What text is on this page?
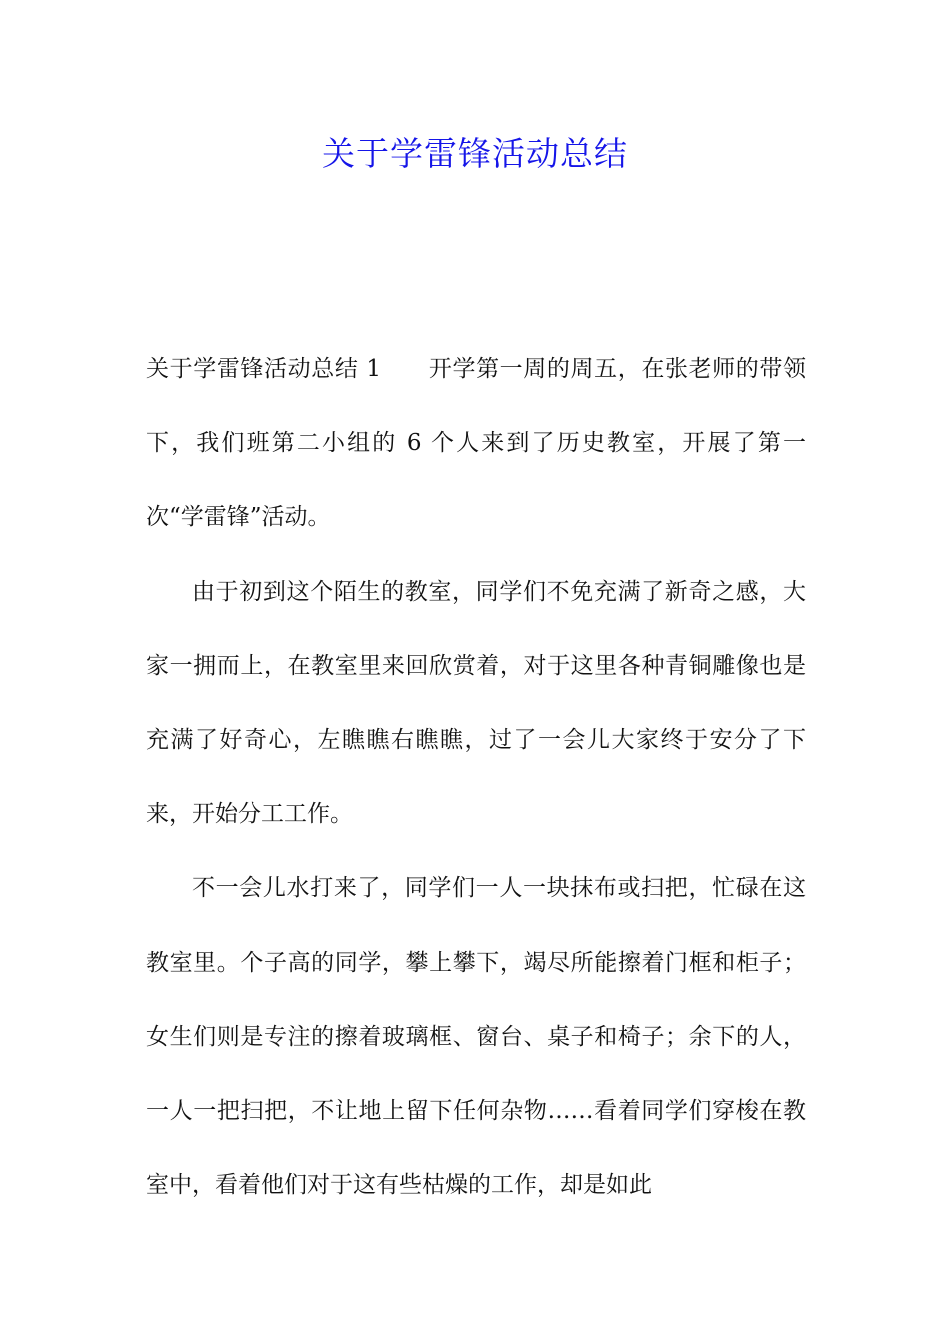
关于学雷锋活动总结

关于学雷锋活动总结 1　　开学第一周的周五，在张老师的带领下，我们班第二小组的 6 个人来到了历史教室，开展了第一次“学雷锋”活动。

由于初到这个陌生的教室，同学们不免充满了新奇之感，大家一拥而上，在教室里来回欣赏着，对于这里各种青铜雕像也是充满了好奇心，左瞧瞧右瞧瞧，过了一会儿大家终于安分了下来，开始分工工作。

不一会儿水打来了，同学们一人一块抹布或扫把，忙碌在这教室里。个子高的同学，攀上攀下，竭尽所能擦着门框和柜子；女生们则是专注的擦着玻璃框、窗台、桌子和椅子；余下的人，一人一把扫把，不让地上留下任何杂物……看着同学们穿梭在教室中，看着他们对于这有些枯燥的工作，却是如此
